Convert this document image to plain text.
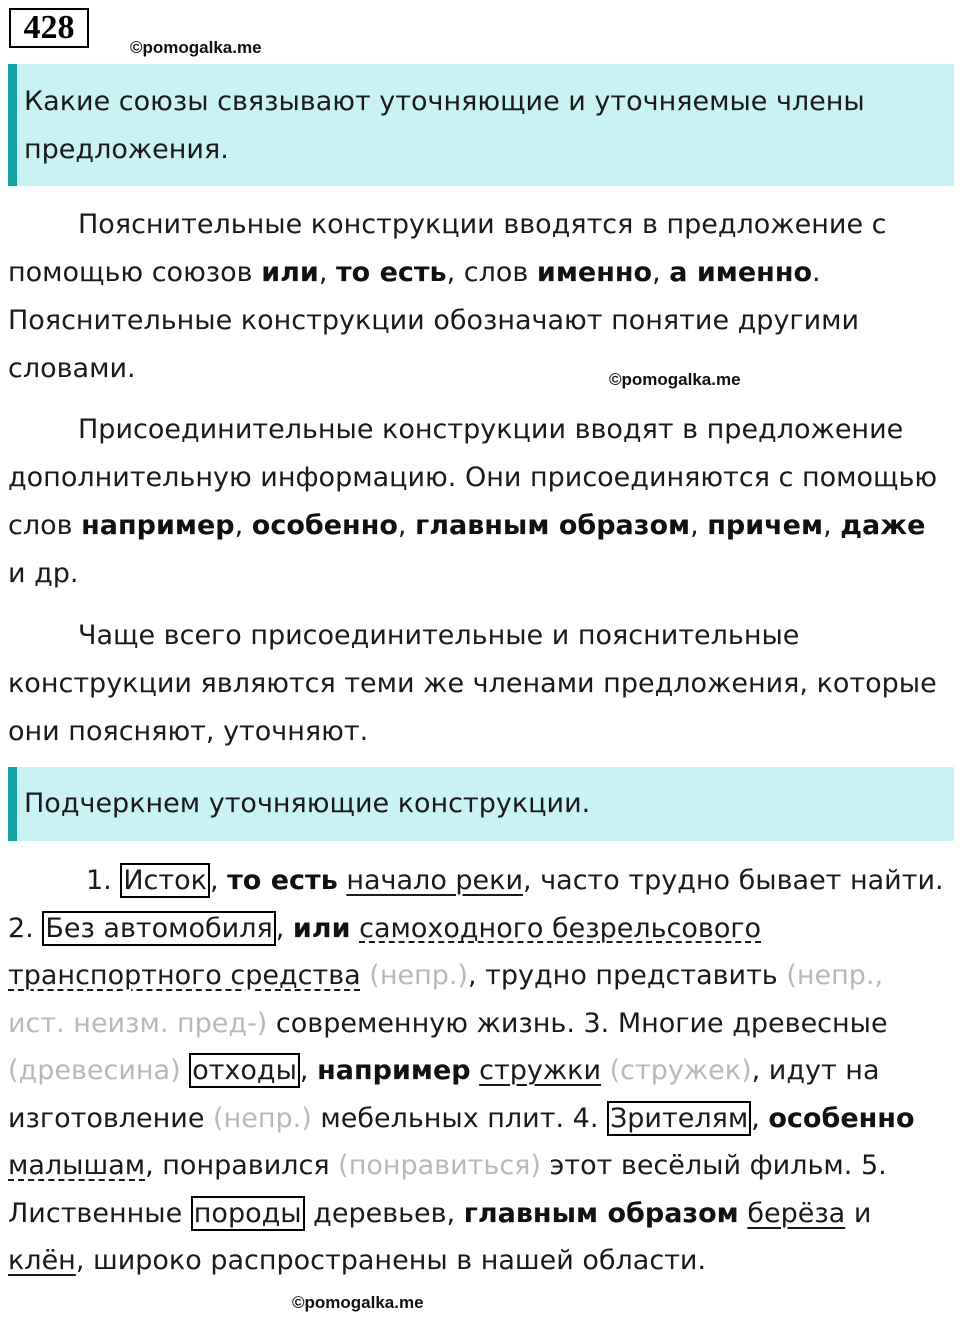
428
©pomogalka.me
Какие союзы связывают уточняющие и уточняемые члены предложения.
Пояснительные конструкции вводятся в предложение с помощью союзов или, то есть, слов именно, а именно. Пояснительные конструкции обозначают понятие другими словами.	©pomogalka.me
Присоединительные конструкции вводят в предложение дополнительную информацию. Они присоединяются с помощью слов например, особенно, главным образом, причем, даже и др.
Чаще всего присоединительные и пояснительные конструкции являются теми же членами предложения, которые они поясняют, уточняют.
Подчеркнем уточняющие конструкции.
1. Исток , то есть начало реки, часто трудно бывает найти. 2. Без автомобиля , или самоходного безрельсового транспортного средства (непр.), трудно представить (непр., ист. неизм. пред-) современную жизнь. 3. Многие древесные (древесина) отходы , например стружки (стружек), идут на изготовление (непр.) мебельных плит. 4. Зрителям , особенно малышам, понравился (понравиться) этот весёлый фильм. 5. Лиственные породы деревьев, главным образом берёза и клён, широко распространены в нашей области.
©pomogalka.me
